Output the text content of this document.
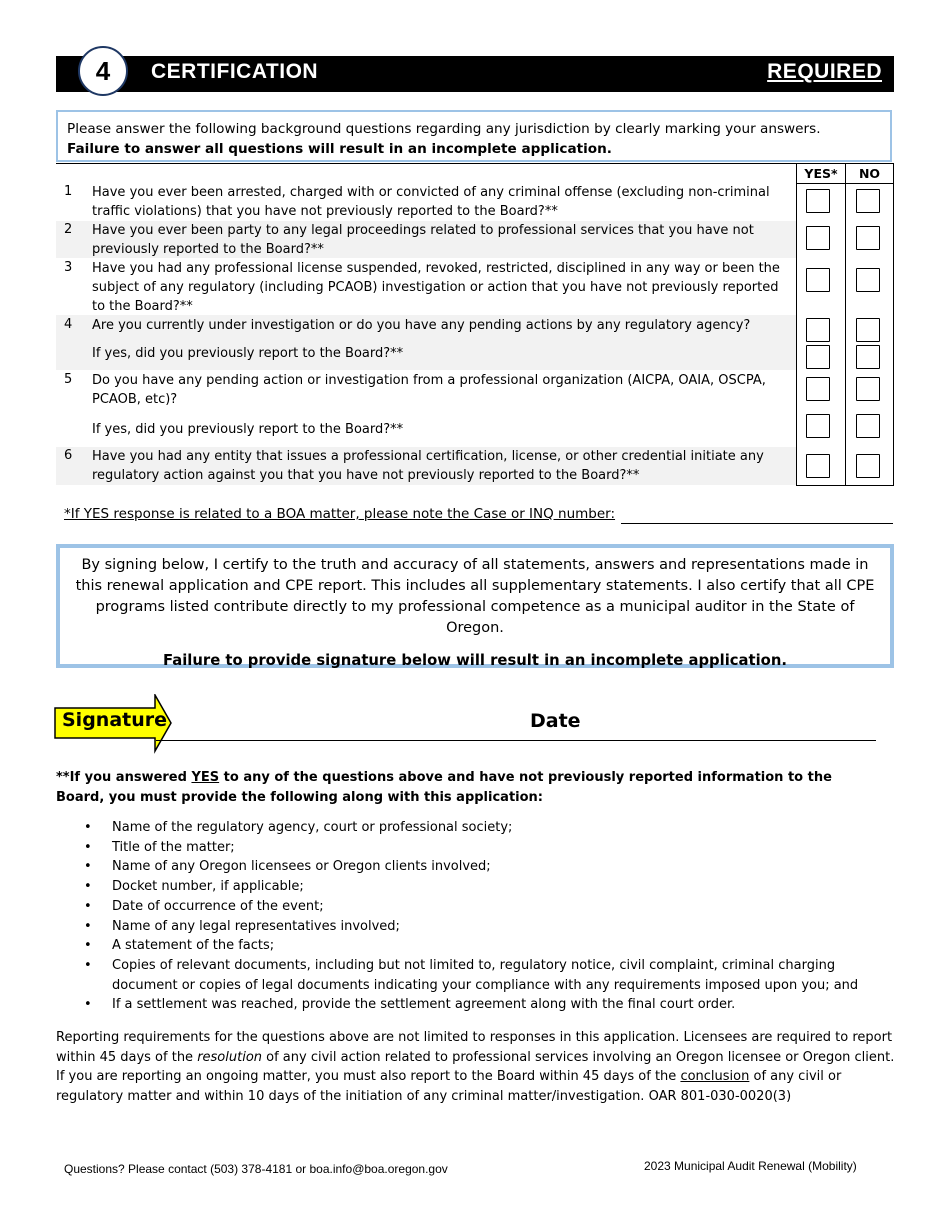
4	CERTIFICATION	REQUIRED
Please answer the following background questions regarding any jurisdiction by clearly marking your answers.
Failure to answer all questions will result in an incomplete application.
YES*	NO
1 Have you ever been arrested, charged with or convicted of any criminal offense (excluding non-criminal traffic violations) that you have not previously reported to the Board?**
2 Have you ever been party to any legal proceedings related to professional services that you have not previously reported to the Board?**
3 Have you had any professional license suspended, revoked, restricted, disciplined in any way or been the subject of any regulatory (including PCAOB) investigation or action that you have not previously reported to the Board?**
4 Are you currently under investigation or do you have any pending actions by any regulatory agency?
If yes, did you previously report to the Board?**
5 Do you have any pending action or investigation from a professional organization (AICPA, OAIA, OSCPA, PCAOB, etc)?
If yes, did you previously report to the Board?**
6 Have you had any entity that issues a professional certification, license, or other credential initiate any regulatory action against you that you have not previously reported to the Board?**
*If YES response is related to a BOA matter, please note the Case or INQ number:
By signing below, I certify to the truth and accuracy of all statements, answers and representations made in this renewal application and CPE report. This includes all supplementary statements. I also certify that all CPE programs listed contribute directly to my professional competence as a municipal auditor in the State of Oregon.
Failure to provide signature below will result in an incomplete application.
Signature	Date
**If you answered YES to any of the questions above and have not previously reported information to the Board, you must provide the following along with this application:
• Name of the regulatory agency, court or professional society;
• Title of the matter;
• Name of any Oregon licensees or Oregon clients involved;
• Docket number, if applicable;
• Date of occurrence of the event;
• Name of any legal representatives involved;
• A statement of the facts;
• Copies of relevant documents, including but not limited to, regulatory notice, civil complaint, criminal charging document or copies of legal documents indicating your compliance with any requirements imposed upon you; and
• If a settlement was reached, provide the settlement agreement along with the final court order.
Reporting requirements for the questions above are not limited to responses in this application. Licensees are required to report within 45 days of the resolution of any civil action related to professional services involving an Oregon licensee or Oregon client. If you are reporting an ongoing matter, you must also report to the Board within 45 days of the conclusion of any civil or regulatory matter and within 10 days of the initiation of any criminal matter/investigation. OAR 801-030-0020(3)
Questions? Please contact (503) 378-4181 or boa.info@boa.oregon.gov	2023 Municipal Audit Renewal (Mobility)
